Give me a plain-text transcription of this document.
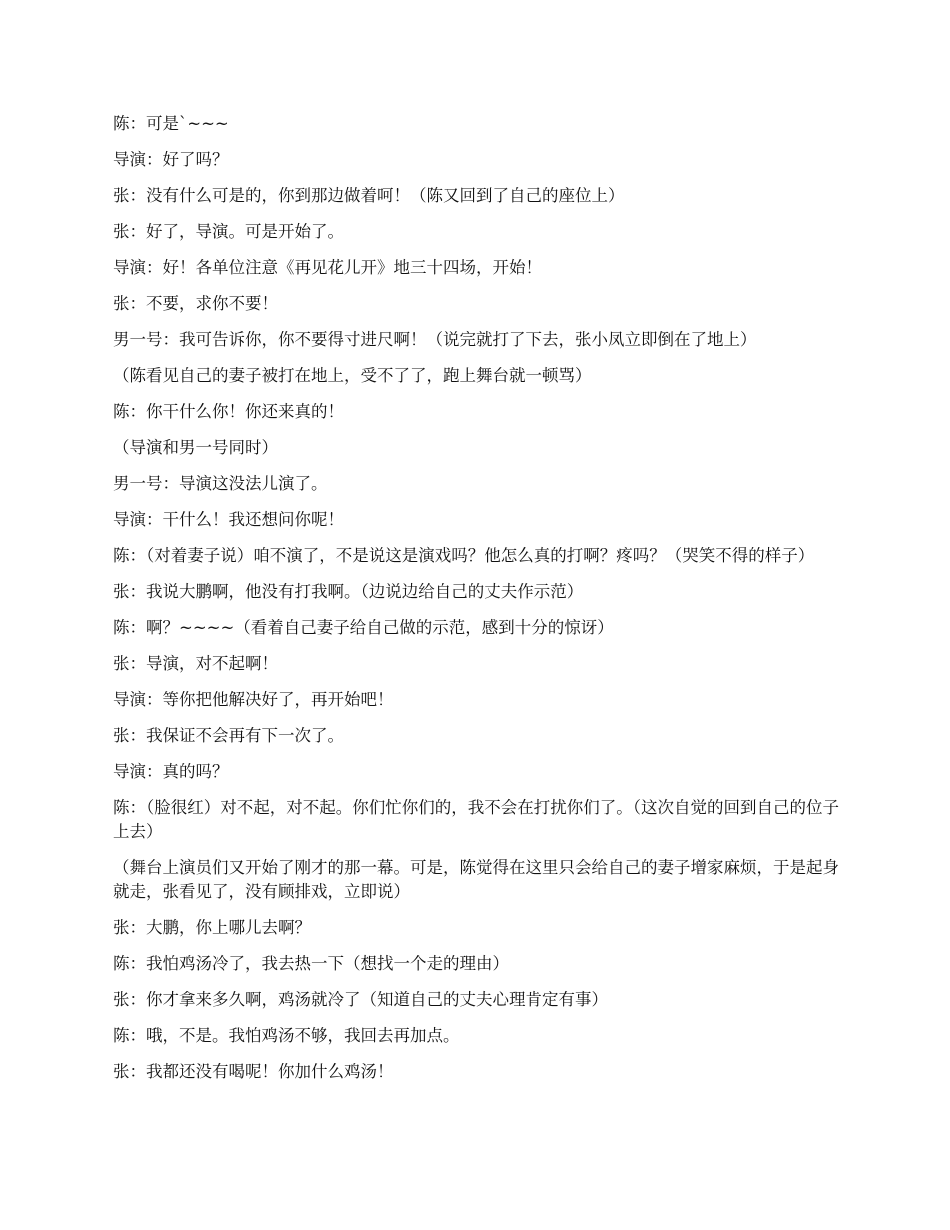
陈：可是`~~~

导演：好了吗？

张：没有什么可是的，你到那边做着呵！（陈又回到了自己的座位上）

张：好了，导演。可是开始了。

导演：好！各单位注意《再见花儿开》地三十四场，开始！

张：不要，求你不要！

男一号：我可告诉你，你不要得寸进尺啊！（说完就打了下去，张小凤立即倒在了地上）

（陈看见自己的妻子被打在地上，受不了了，跑上舞台就一顿骂）

陈：你干什么你！你还来真的！

（导演和男一号同时）

男一号：导演这没法儿演了。

导演：干什么！我还想问你呢！

陈：（对着妻子说）咱不演了，不是说这是演戏吗？他怎么真的打啊？疼吗？（哭笑不得的样子）

张：我说大鹏啊，他没有打我啊。（边说边给自己的丈夫作示范）

陈：啊？~~~~（看着自己妻子给自己做的示范，感到十分的惊讶）

张：导演，对不起啊！

导演：等你把他解决好了，再开始吧！

张：我保证不会再有下一次了。

导演：真的吗？

陈：（脸很红）对不起，对不起。你们忙你们的，我不会在打扰你们了。（这次自觉的回到自己的位子上去）

（舞台上演员们又开始了刚才的那一幕。可是，陈觉得在这里只会给自己的妻子增家麻烦，于是起身就走，张看见了，没有顾排戏，立即说）

张：大鹏，你上哪儿去啊？

陈：我怕鸡汤冷了，我去热一下（想找一个走的理由）

张：你才拿来多久啊，鸡汤就冷了（知道自己的丈夫心理肯定有事）

陈：哦，不是。我怕鸡汤不够，我回去再加点。

张：我都还没有喝呢！你加什么鸡汤！
